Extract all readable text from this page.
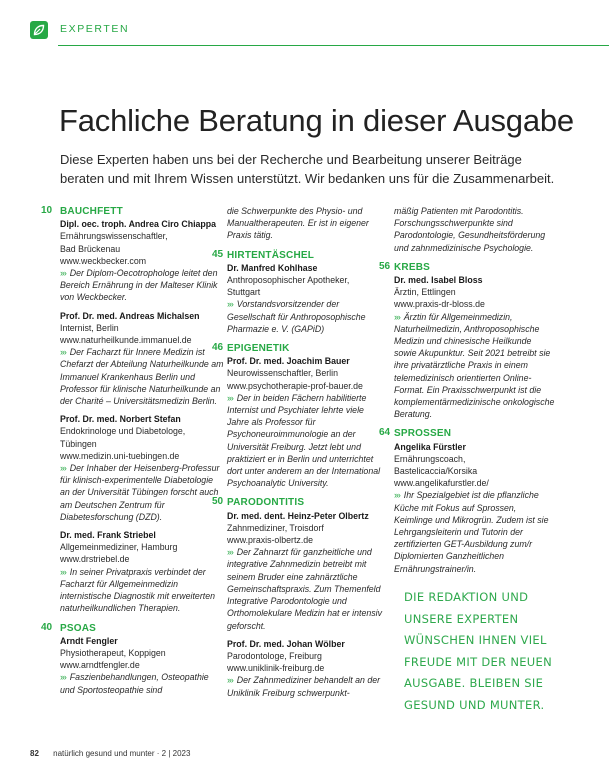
EXPERTEN
Fachliche Beratung in dieser Ausgabe

Diese Experten haben uns bei der Recherche und Bearbeitung unserer Beiträge beraten und mit Ihrem Wissen unterstützt. Wir bedanken uns für die Zusammenarbeit.

10 BAUCHFETT
Dipl. oec. troph. Andrea Ciro Chiappa
Ernährungswissenschaftler,
Bad Brückenau
www.weckbecker.com
››› Der Diplom-Oecotrophologe leitet den Bereich Ernährung in der Malteser Klinik von Weckbecker.
Prof. Dr. med. Andreas Michalsen
Internist, Berlin
www.naturheilkunde.immanuel.de
››› Der Facharzt für Innere Medizin ist Chefarzt der Abteilung Naturheilkunde am Immanuel Krankenhaus Berlin und Professor für klinische Naturheilkunde an der Charité – Universitätsmedizin Berlin.
Prof. Dr. med. Norbert Stefan
Endokrinologe und Diabetologe,
Tübingen
www.medizin.uni-tuebingen.de
››› Der Inhaber der Heisenberg-Professur für klinisch-experimentelle Diabetologie an der Universität Tübingen forscht auch am Deutschen Zentrum für Diabetesforschung (DZD).
Dr. med. Frank Striebel
Allgemeinmediziner, Hamburg
www.drstriebel.de
››› In seiner Privatpraxis verbindet der Facharzt für Allgemeinmedizin internistische Diagnostik mit erweiterten naturheilkundlichen Therapien.
40 PSOAS
Arndt Fengler
Physiotherapeut, Koppigen
www.arndtfengler.de
››› Faszienbehandlungen, Osteopathie und Sportosteopathie sind
die Schwerpunkte des Physio- und Manualtherapeuten. Er ist in eigener Praxis tätig.
45 HIRTENTÄSCHEL
Dr. Manfred Kohlhase
Anthroposophischer Apotheker,
Stuttgart
››› Vorstandsvorsitzender der Gesellschaft für Anthroposophische Pharmazie e. V. (GAPiD)
46 EPIGENETIK
Prof. Dr. med. Joachim Bauer
Neurowissenschaftler, Berlin
www.psychotherapie-prof-bauer.de
››› Der in beiden Fächern habilitierte Internist und Psychiater lehrte viele Jahre als Professor für Psychoneuroimmunologie an der Universität Freiburg. Jetzt lebt und praktiziert er in Berlin und unterrichtet dort unter anderem an der International Psychoanalytic University.
50 PARODONTITIS
Dr. med. dent. Heinz-Peter Olbertz
Zahnmediziner, Troisdorf
www.praxis-olbertz.de
››› Der Zahnarzt für ganzheitliche und integrative Zahnmedizin betreibt mit seinem Bruder eine zahnärztliche Gemeinschaftspraxis. Zum Themenfeld Integrative Parodontologie und Orthomolekulare Medizin hat er intensiv geforscht.
Prof. Dr. med. Johan Wölber
Parodontologe, Freiburg
www.uniklinik-freiburg.de
››› Der Zahnmediziner behandelt an der Uniklinik Freiburg schwerpunkt-
mäßig Patienten mit Parodontitis. Forschungsschwerpunkte sind Parodontologie, Gesundheitsförderung und zahnmedizinische Psychologie.
56 KREBS
Dr. med. Isabel Bloss
Ärztin, Ettlingen
www.praxis-dr-bloss.de
››› Ärztin für Allgemeinmedizin, Naturheilmedizin, Anthroposophische Medizin und chinesische Heilkunde sowie Akupunktur. Seit 2021 betreibt sie ihre privatärztliche Praxis in einem telemedizinisch orientierten Online-Format. Ein Praxisschwerpunkt ist die komplementärmedizinische onkologische Beratung.
64 SPROSSEN
Angelika Fürstler
Ernährungscoach,
Bastelicaccia/Korsika
www.angelikafurstler.de/
››› Ihr Spezialgebiet ist die pflanzliche Küche mit Fokus auf Sprossen, Keimlinge und Mikrogrün. Zudem ist sie Lehrgangsleiterin und Tutorin der zertifizierten GET-Ausbildung zum/r Diplomierten Ganzheitlichen Ernährungstrainer/in.
DIE REDAKTION UND UNSERE EXPERTEN WÜNSCHEN IHNEN VIEL FREUDE MIT DER NEUEN AUSGABE. BLEIBEN SIE GESUND UND MUNTER.
82 natürlich gesund und munter · 2 | 2023
